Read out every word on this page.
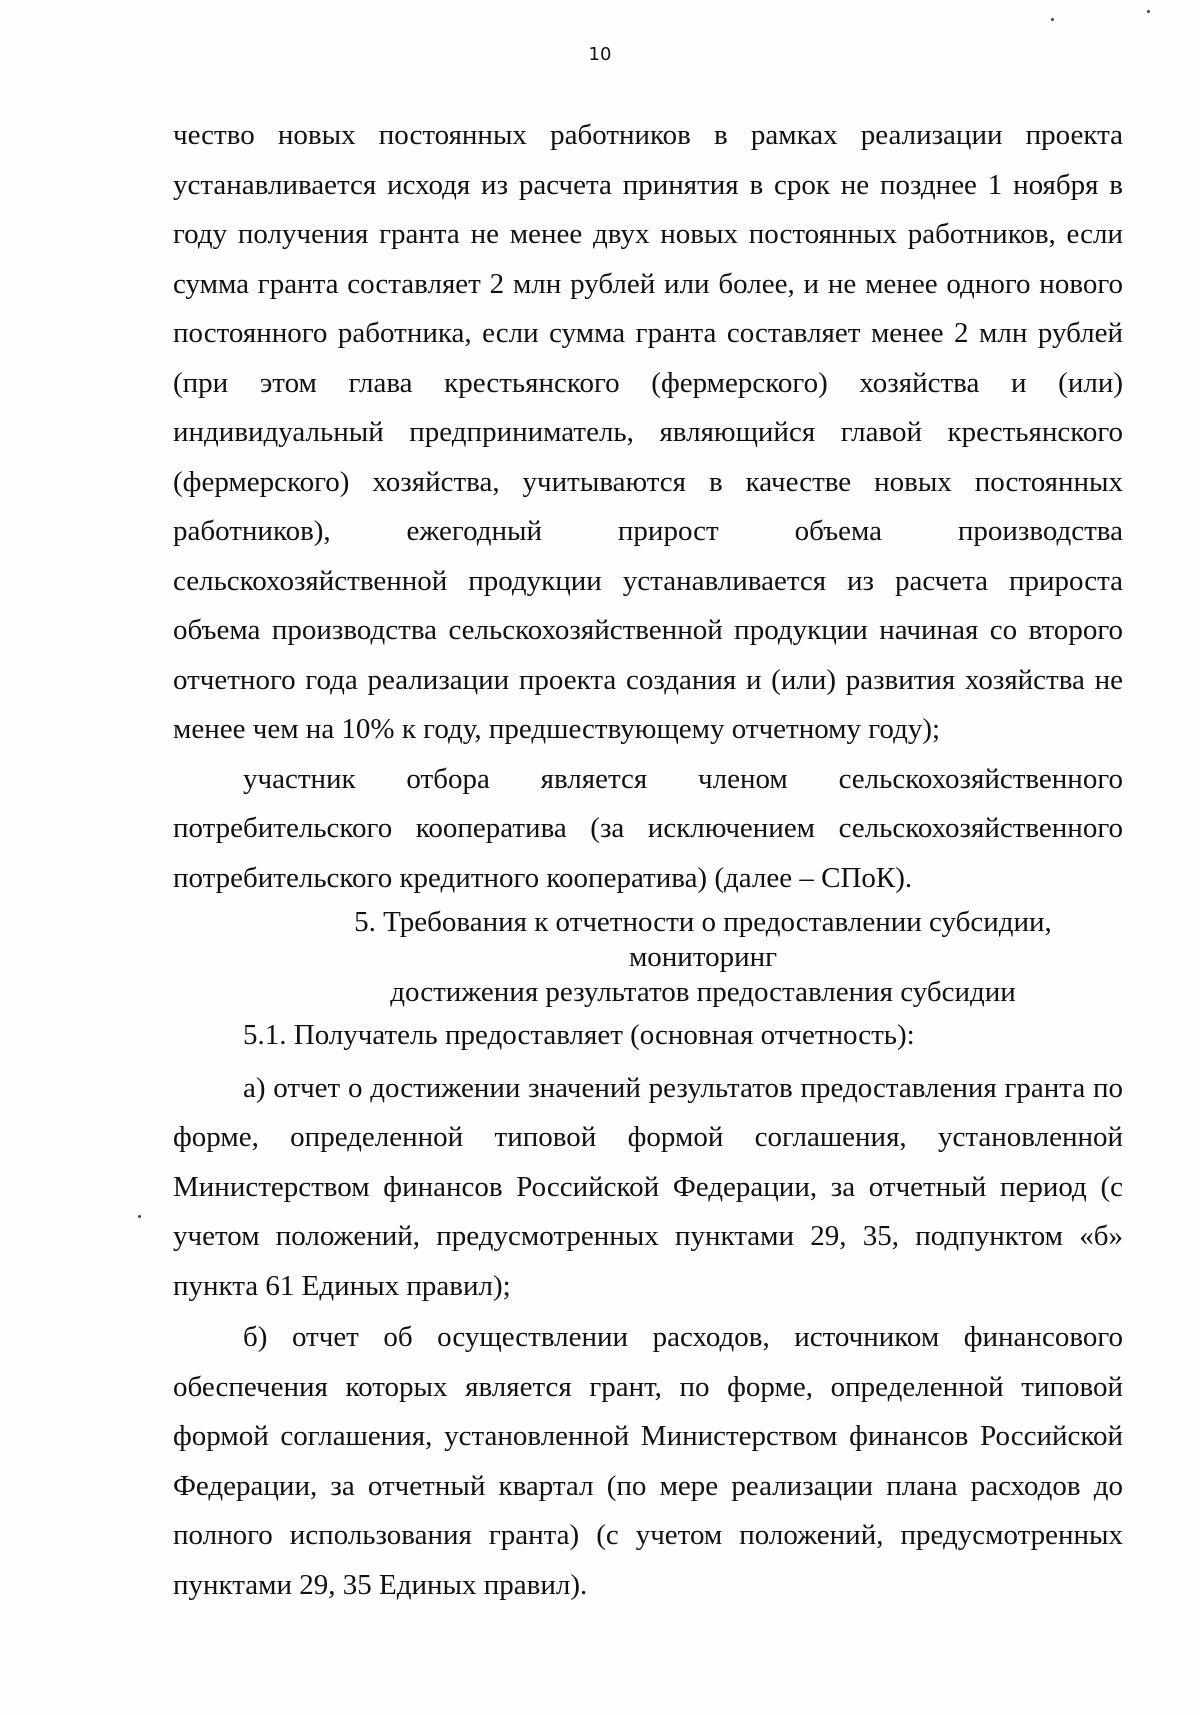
10

чество новых постоянных работников в рамках реализации проекта устанавливается исходя из расчета принятия в срок не позднее 1 ноября в году получения гранта не менее двух новых постоянных работников, если сумма гранта составляет 2 млн рублей или более, и не менее одного нового постоянного работника, если сумма гранта составляет менее 2 млн рублей (при этом глава крестьянского (фермерского) хозяйства и (или) индивидуальный предприниматель, являющийся главой крестьянского (фермерского) хозяйства, учитываются в качестве новых постоянных работников), ежегодный прирост объема производства сельскохозяйственной продукции устанавливается из расчета прироста объема производства сельскохозяйственной продукции начиная со второго отчетного года реализации проекта создания и (или) развития хозяйства не менее чем на 10% к году, предшествующему отчетному году);

участник отбора является членом сельскохозяйственного потребительского кооператива (за исключением сельскохозяйственного потребительского кредитного кооператива) (далее – СПоК).

5. Требования к отчетности о предоставлении субсидии, мониторинг
достижения результатов предоставления субсидии

5.1. Получатель предоставляет (основная отчетность):

а) отчет о достижении значений результатов предоставления гранта по форме, определенной типовой формой соглашения, установленной Министерством финансов Российской Федерации, за отчетный период (с учетом положений, предусмотренных пунктами 29, 35, подпунктом «б» пункта 61 Единых правил);

б) отчет об осуществлении расходов, источником финансового обеспечения которых является грант, по форме, определенной типовой формой соглашения, установленной Министерством финансов Российской Федерации, за отчетный квартал (по мере реализации плана расходов до полного использования гранта) (с учетом положений, предусмотренных пунктами 29, 35 Единых правил).
